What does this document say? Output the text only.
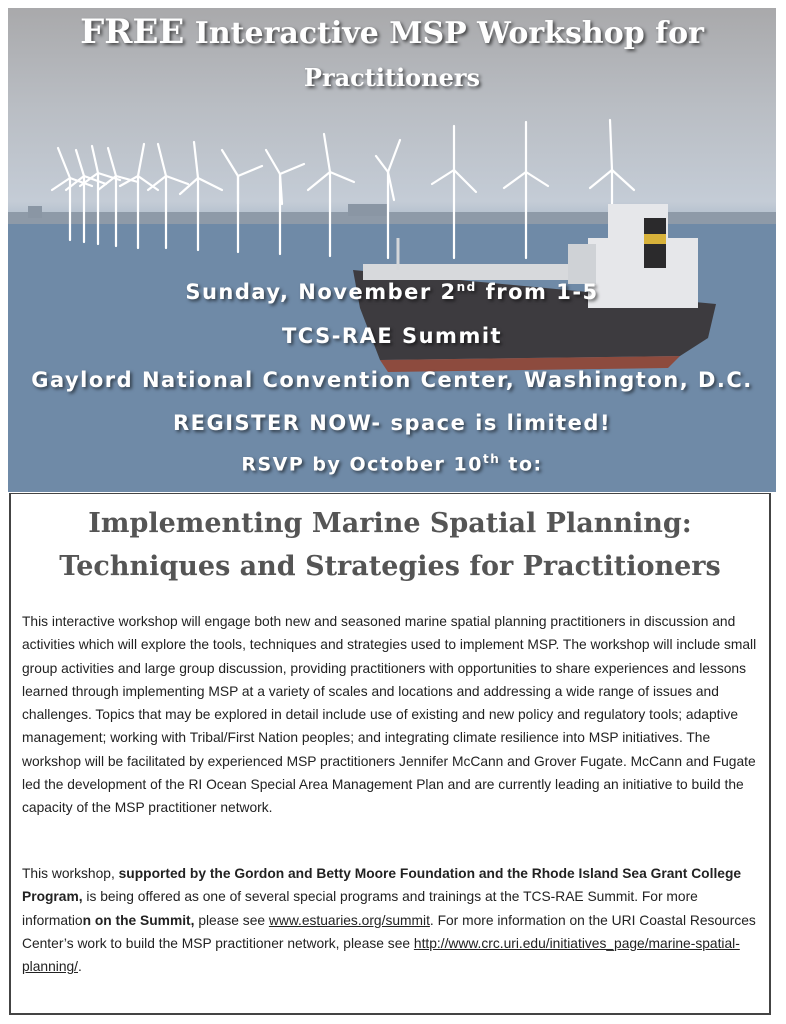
FREE Interactive MSP Workshop for
Practitioners
Sunday, November 2nd from 1-5
TCS-RAE Summit
Gaylord National Convention Center, Washington, D.C.
REGISTER NOW- space is limited!
RSVP by October 10th to:
Implementing Marine Spatial Planning:
Techniques and Strategies for Practitioners
This interactive workshop will engage both new and seasoned marine spatial planning practitioners in discussion and activities which will explore the tools, techniques and strategies used to implement MSP. The workshop will include small group activities and large group discussion, providing practitioners with opportunities to share experiences and lessons learned through implementing MSP at a variety of scales and locations and addressing a wide range of issues and challenges. Topics that may be explored in detail include use of existing and new policy and regulatory tools; adaptive management; working with Tribal/First Nation peoples; and integrating climate resilience into MSP initiatives. The workshop will be facilitated by experienced MSP practitioners Jennifer McCann and Grover Fugate. McCann and Fugate led the development of the RI Ocean Special Area Management Plan and are currently leading an initiative to build the capacity of the MSP practitioner network.
This workshop, supported by the Gordon and Betty Moore Foundation and the Rhode Island Sea Grant College Program, is being offered as one of several special programs and trainings at the TCS-RAE Summit. For more information on the Summit, please see www.estuaries.org/summit. For more information on the URI Coastal Resources Center’s work to build the MSP practitioner network, please see http://www.crc.uri.edu/initiatives_page/marine-spatial-planning/.
